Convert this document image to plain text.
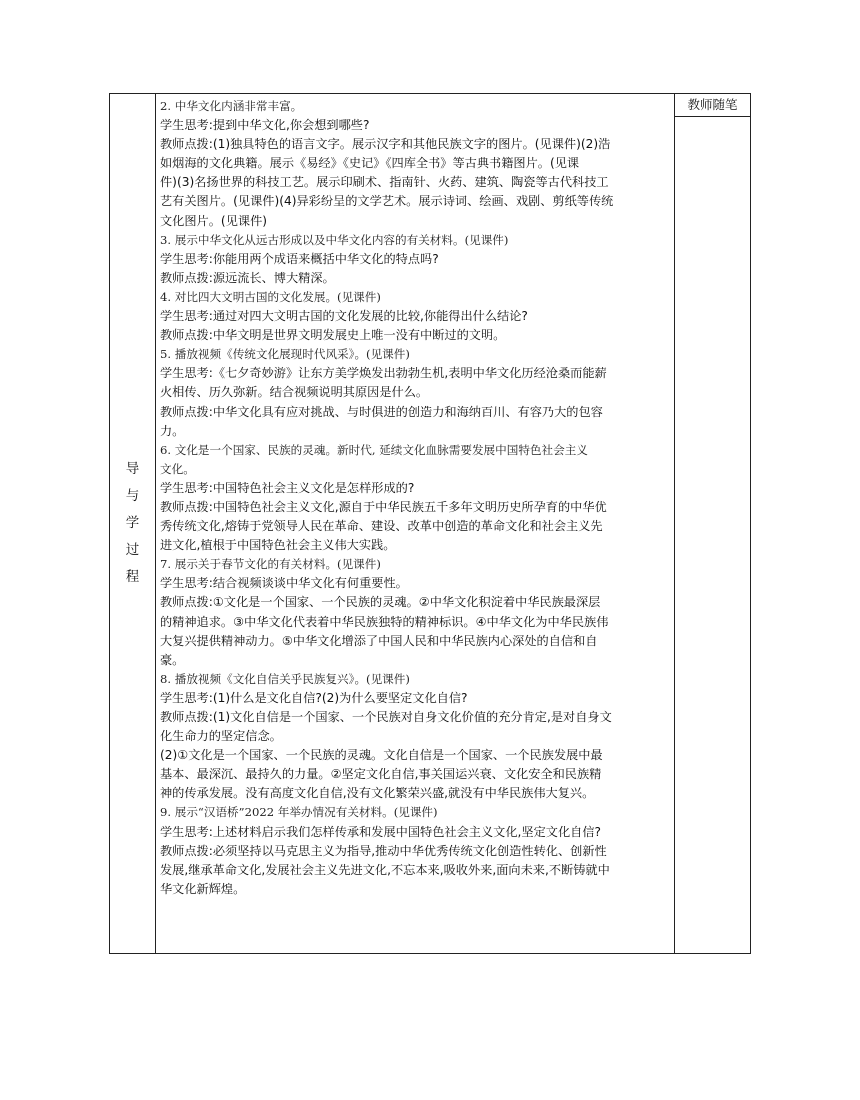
导
与
学
过
程
教师随笔
2. 中华文化内涵非常丰富。
学生思考:提到中华文化,你会想到哪些?
教师点拨:(1)独具特色的语言文字。展示汉字和其他民族文字的图片。(见课件)(2)浩
如烟海的文化典籍。展示《易经》《史记》《四库全书》等古典书籍图片。(见课
件)(3)名扬世界的科技工艺。展示印刷术、指南针、火药、建筑、陶瓷等古代科技工
艺有关图片。(见课件)(4)异彩纷呈的文学艺术。展示诗词、绘画、戏剧、剪纸等传统
文化图片。(见课件)
3. 展示中华文化从远古形成以及中华文化内容的有关材料。(见课件)
学生思考:你能用两个成语来概括中华文化的特点吗?
教师点拨:源远流长、博大精深。
4. 对比四大文明古国的文化发展。(见课件)
学生思考:通过对四大文明古国的文化发展的比较,你能得出什么结论?
教师点拨:中华文明是世界文明发展史上唯一没有中断过的文明。
5. 播放视频《传统文化展现时代风采》。(见课件)
学生思考:《七夕奇妙游》让东方美学焕发出勃勃生机,表明中华文化历经沧桑而能薪
火相传、历久弥新。结合视频说明其原因是什么。
教师点拨:中华文化具有应对挑战、与时俱进的创造力和海纳百川、有容乃大的包容
力。
6. 文化是一个国家、民族的灵魂。新时代, 延续文化血脉需要发展中国特色社会主义
文化。
学生思考:中国特色社会主义文化是怎样形成的?
教师点拨:中国特色社会主义文化,源自于中华民族五千多年文明历史所孕育的中华优
秀传统文化,熔铸于党领导人民在革命、建设、改革中创造的革命文化和社会主义先
进文化,植根于中国特色社会主义伟大实践。
7. 展示关于春节文化的有关材料。(见课件)
学生思考:结合视频谈谈中华文化有何重要性。
教师点拨:①文化是一个国家、一个民族的灵魂。②中华文化积淀着中华民族最深层
的精神追求。③中华文化代表着中华民族独特的精神标识。④中华文化为中华民族伟
大复兴提供精神动力。⑤中华文化增添了中国人民和中华民族内心深处的自信和自
豪。
8. 播放视频《文化自信关乎民族复兴》。(见课件)
学生思考:(1)什么是文化自信?(2)为什么要坚定文化自信?
教师点拨:(1)文化自信是一个国家、一个民族对自身文化价值的充分肯定,是对自身文
化生命力的坚定信念。
(2)①文化是一个国家、一个民族的灵魂。文化自信是一个国家、一个民族发展中最
基本、最深沉、最持久的力量。②坚定文化自信,事关国运兴衰、文化安全和民族精
神的传承发展。没有高度文化自信,没有文化繁荣兴盛,就没有中华民族伟大复兴。
9. 展示“汉语桥”2022 年举办情况有关材料。(见课件)
学生思考:上述材料启示我们怎样传承和发展中国特色社会主义文化,坚定文化自信?
教师点拨:必须坚持以马克思主义为指导,推动中华优秀传统文化创造性转化、创新性
发展,继承革命文化,发展社会主义先进文化,不忘本来,吸收外来,面向未来,不断铸就中
华文化新辉煌。
